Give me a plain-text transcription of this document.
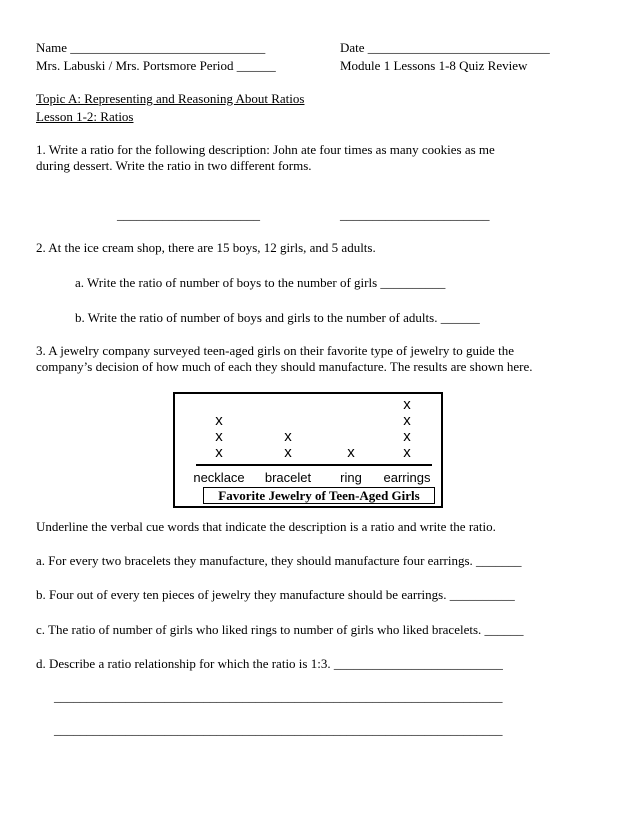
Name ______________________________	Date ____________________________
Mrs. Labuski / Mrs. Portsmore Period ______	Module 1 Lessons 1-8 Quiz Review
Topic A: Representing and Reasoning About Ratios
Lesson 1-2: Ratios
1. Write a ratio for the following description: John ate four times as many cookies as me
during dessert. Write the ratio in two different forms.
______________________	_______________________
2. At the ice cream shop, there are 15 boys, 12 girls, and 5 adults.
a. Write the ratio of number of boys to the number of girls __________
b. Write the ratio of number of boys and girls to the number of adults. ______
3. A jewelry company surveyed teen-aged girls on their favorite type of jewelry to guide the
company’s decision of how much of each they should manufacture. The results are shown here.
necklace	bracelet	ring	earrings
Favorite Jewelry of Teen-Aged Girls
x
x
x
x
x
x	x
x
x
x
Underline the verbal cue words that indicate the description is a ratio and write the ratio.
a. For every two bracelets they manufacture, they should manufacture four earrings. _______
b. Four out of every ten pieces of jewelry they manufacture should be earrings. __________
c. The ratio of number of girls who liked rings to number of girls who liked bracelets. ______
d. Describe a ratio relationship for which the ratio is 1:3. __________________________
_____________________________________________________________________
_____________________________________________________________________
